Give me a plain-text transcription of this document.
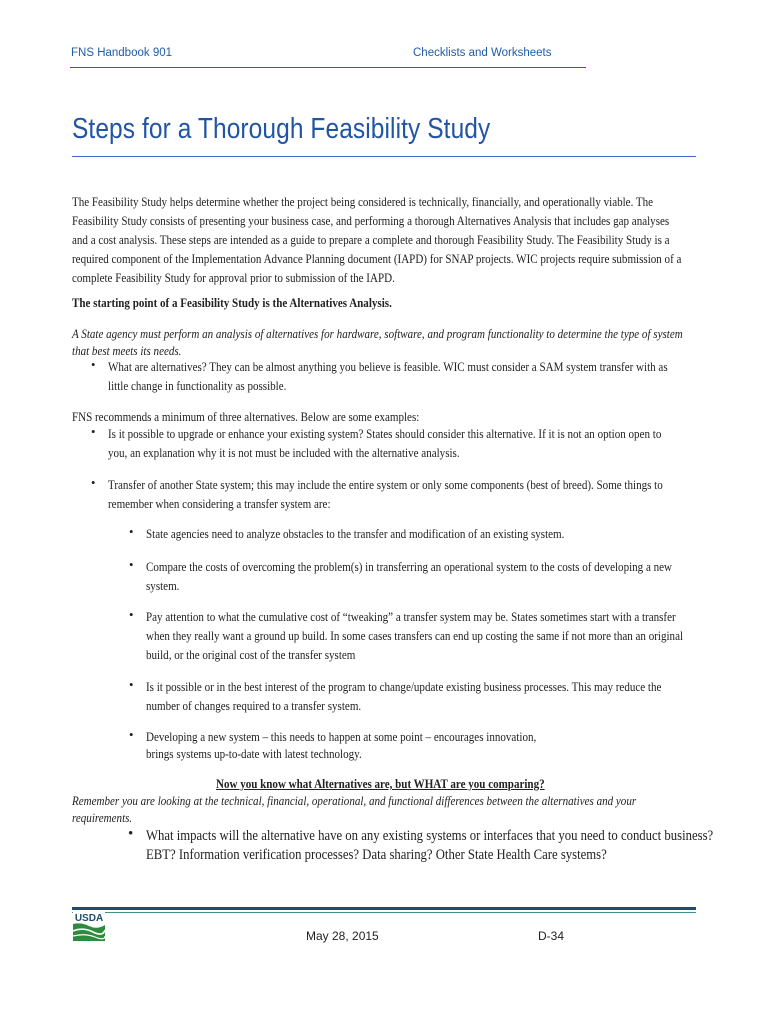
FNS Handbook 901	Checklists and Worksheets
Steps for a Thorough Feasibility Study
The Feasibility Study helps determine whether the project being considered is technically, financially, and operationally viable. The
Feasibility Study consists of presenting your business case, and performing a thorough Alternatives Analysis that includes gap analyses
and a cost analysis. These steps are intended as a guide to prepare a complete and thorough Feasibility Study. The Feasibility Study is a
required component of the Implementation Advance Planning document (IAPD) for SNAP projects. WIC projects require submission of a
complete Feasibility Study for approval prior to submission of the IAPD.
The starting point of a Feasibility Study is the Alternatives Analysis.
A State agency must perform an analysis of alternatives for hardware, software, and program functionality to determine the type of system
that best meets its needs.
• What are alternatives? They can be almost anything you believe is feasible. WIC must consider a SAM system transfer with as
little change in functionality as possible.
FNS recommends a minimum of three alternatives. Below are some examples:
• Is it possible to upgrade or enhance your existing system? States should consider this alternative. If it is not an option open to
you, an explanation why it is not must be included with the alternative analysis.
• Transfer of another State system; this may include the entire system or only some components (best of breed). Some things to
remember when considering a transfer system are:
• State agencies need to analyze obstacles to the transfer and modification of an existing system.
• Compare the costs of overcoming the problem(s) in transferring an operational system to the costs of developing a new
system.
• Pay attention to what the cumulative cost of “tweaking” a transfer system may be. States sometimes start with a transfer
when they really want a ground up build. In some cases transfers can end up costing the same if not more than an original
build, or the original cost of the transfer system
• Is it possible or in the best interest of the program to change/update existing business processes. This may reduce the
number of changes required to a transfer system.
• Developing a new system – this needs to happen at some point – encourages innovation,
brings systems up-to-date with latest technology.
Now you know what Alternatives are, but WHAT are you comparing?
Remember you are looking at the technical, financial, operational, and functional differences between the alternatives and your
requirements.
• What impacts will the alternative have on any existing systems or interfaces that you need to conduct business?
EBT? Information verification processes? Data sharing? Other State Health Care systems?
USDA
May 28, 2015	D-34
